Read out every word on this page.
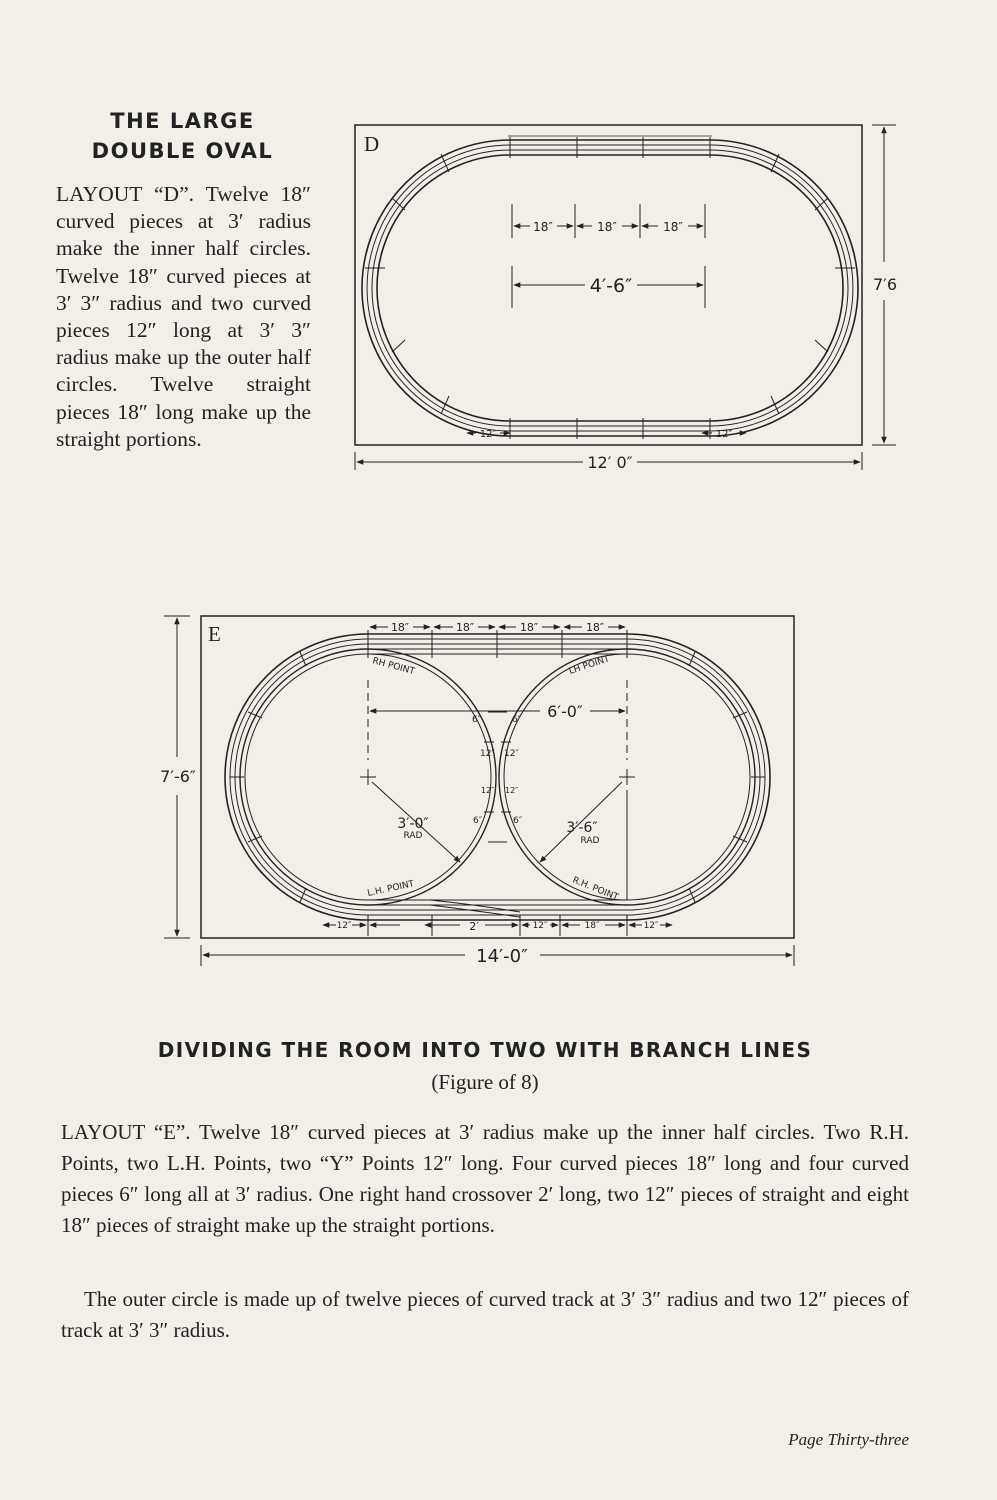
THE LARGE
DOUBLE OVAL
LAYOUT “D”. Twelve 18″ curved pieces at 3′ radius make the inner half circles. Twelve 18″ curved pieces at 3′ 3″ radius and two curved pieces 12″ long at 3′ 3″ radius make up the outer half circles. Twelve straight pieces 18″ long make up the straight portions.
D
18″	18″	18″
4′-6″
12″	12″
7′6
12′ 0″
E	18″	18″	18″	18″
RH POINT	LH POINT
6′-0″
6″	6″
12″ 12″
12″ 12″
6″	6″
3′-0″
RAD	3′-6″
RAD
L.H. POINT	R.H. POINT
12″	2′	12″	18″	12″
7′-6″
14′-0″
DIVIDING THE ROOM INTO TWO WITH BRANCH LINES
(Figure of 8)
LAYOUT “E”. Twelve 18″ curved pieces at 3′ radius make up the inner half circles. Two R.H. Points, two L.H. Points, two “Y” Points 12″ long. Four curved pieces 18″ long and four curved pieces 6″ long all at 3′ radius. One right hand crossover 2′ long, two 12″ pieces of straight and eight 18″ pieces of straight make up the straight portions.
The outer circle is made up of twelve pieces of curved track at 3′ 3″ radius and two 12″ pieces of track at 3′ 3″ radius.
Page Thirty-three
